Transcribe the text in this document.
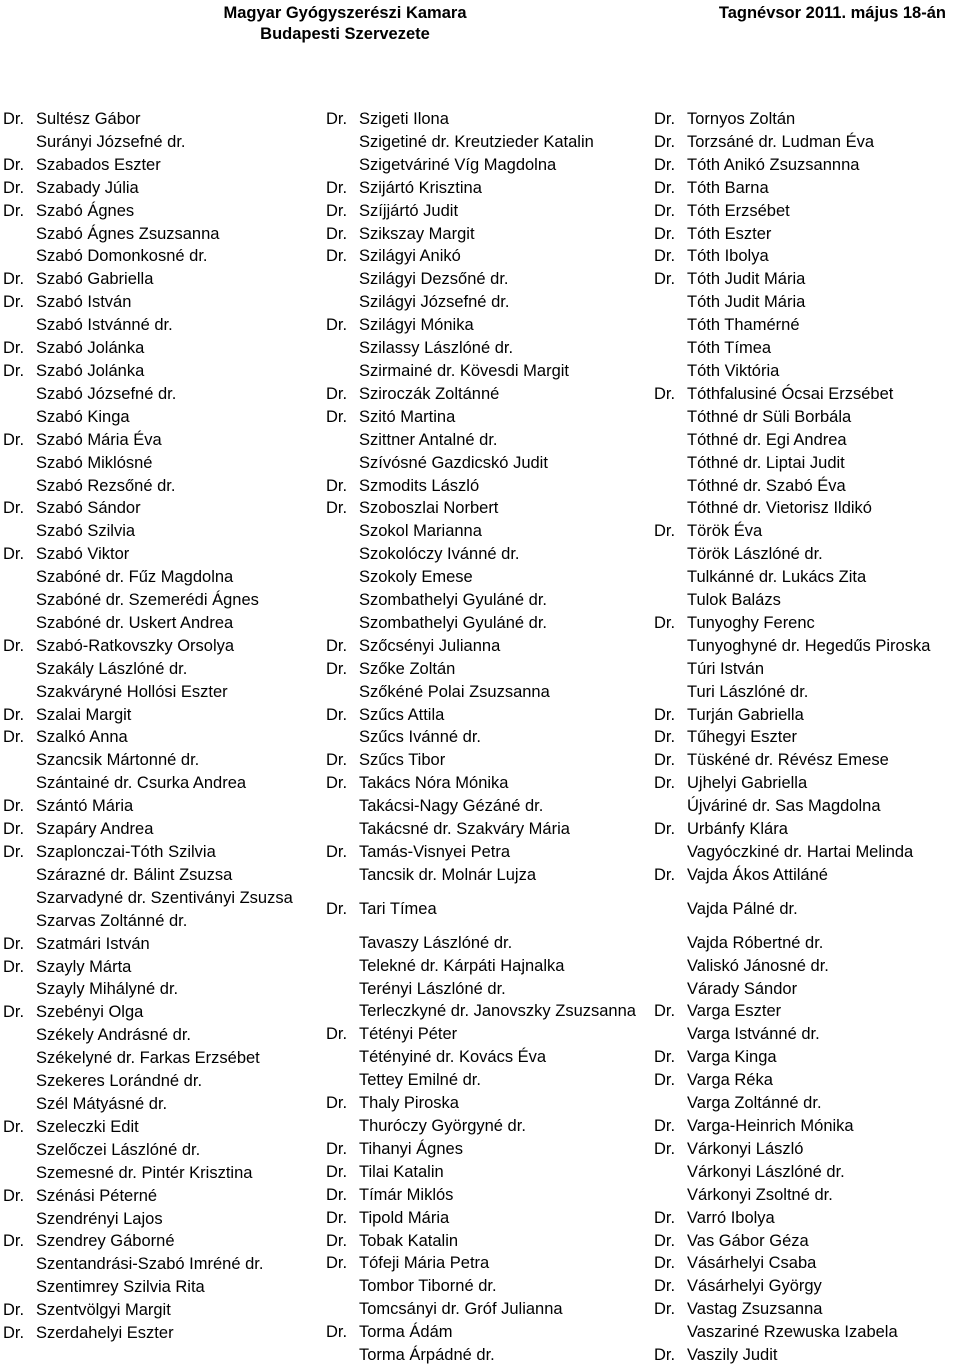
Magyar Gyógyszerészi Kamara
Budapesti Szervezete
Tagnévsor 2011. május 18-án
Dr. Sultész Gábor
Surányi Józsefné dr.
Dr. Szabados Eszter
Dr. Szabady Júlia
Dr. Szabó Ágnes
Szabó Ágnes Zsuzsanna
Szabó Domonkosné dr.
Dr. Szabó Gabriella
Dr. Szabó István
Szabó Istvánné dr.
Dr. Szabó Jolánka
Dr. Szabó Jolánka
Szabó Józsefné dr.
Szabó Kinga
Dr. Szabó Mária Éva
Szabó Miklósné
Szabó Rezsőné dr.
Dr. Szabó Sándor
Szabó Szilvia
Dr. Szabó Viktor
Szabóné dr. Fűz Magdolna
Szabóné dr. Szemerédi Ágnes
Szabóné dr. Uskert Andrea
Dr. Szabó-Ratkovszky Orsolya
Szakály Lászlóné dr.
Szakváryné Hollósi Eszter
Dr. Szalai Margit
Dr. Szalkó Anna
Szancsik Mártonné dr.
Szántainé dr. Csurka Andrea
Dr. Szántó Mária
Dr. Szapáry Andrea
Dr. Szaplonczai-Tóth Szilvia
Szárazné dr. Bálint Zsuzsa
Szarvadyné dr. Szentiványi Zsuzsa
Szarvas Zoltánné dr.
Dr. Szatmári István
Dr. Szayly Márta
Szayly Mihályné dr.
Dr. Szebényi Olga
Székely Andrásné dr.
Székelyné dr. Farkas Erzsébet
Szekeres Lorándné dr.
Szél Mátyásné dr.
Dr. Szeleczki Edit
Szelőczei Lászlóné dr.
Szemesné dr. Pintér Krisztina
Dr. Szénási Péterné
Szendrényi Lajos
Dr. Szendrey Gáborné
Szentandrási-Szabó Imréné dr.
Szentimrey Szilvia Rita
Dr. Szentvölgyi Margit
Dr. Szerdahelyi Eszter
Dr. Szigeti Ilona
Szigetiné dr. Kreutzieder Katalin
Szigetváriné Víg Magdolna
Dr. Szijártó Krisztina
Dr. Szíjjártó Judit
Dr. Szikszay Margit
Dr. Szilágyi Anikó
Szilágyi Dezsőné dr.
Szilágyi Józsefné dr.
Dr. Szilágyi Mónika
Szilassy Lászlóné dr.
Szirmainé dr. Kövesdi Margit
Dr. Sziroczák Zoltánné
Dr. Szitó Martina
Szittner Antalné dr.
Szívósné Gazdicskó Judit
Dr. Szmodits László
Dr. Szoboszlai Norbert
Szokol Marianna
Szokolóczy Ivánné dr.
Szokoly Emese
Szombathelyi Gyuláné dr.
Szombathelyi Gyuláné dr.
Dr. Szőcsényi Julianna
Dr. Szőke Zoltán
Szőkéné Polai Zsuzsanna
Dr. Szűcs Attila
Szűcs Ivánné dr.
Dr. Szűcs Tibor
Dr. Takács Nóra Mónika
Takácsi-Nagy Gézáné dr.
Takácsné dr. Szakváry Mária
Dr. Tamás-Visnyei Petra
Tancsik dr. Molnár Lujza
Dr. Tari Tímea
Tavaszy Lászlóné dr.
Telekné dr. Kárpáti Hajnalka
Terényi Lászlóné dr.
Terleczkyné dr. Janovszky Zsuzsanna
Dr. Tétényi Péter
Tétényiné dr. Kovács Éva
Tettey Emilné dr.
Dr. Thaly Piroska
Thuróczy Györgyné dr.
Dr. Tihanyi Ágnes
Dr. Tilai Katalin
Dr. Tímár Miklós
Dr. Tipold Mária
Dr. Tobak Katalin
Dr. Tófeji Mária Petra
Tombor Tiborné dr.
Tomcsányi dr. Gróf Julianna
Dr. Torma Ádám
Torma Árpádné dr.
Dr. Tornyos Zoltán
Dr. Torzsáné dr. Ludman Éva
Dr. Tóth Anikó Zsuzsannna
Dr. Tóth Barna
Dr. Tóth Erzsébet
Dr. Tóth Eszter
Dr. Tóth Ibolya
Dr. Tóth Judit Mária
Tóth Judit Mária
Tóth Thamérné
Tóth Tímea
Tóth Viktória
Dr. Tóthfalusiné Ócsai Erzsébet
Tóthné dr Süli Borbála
Tóthné dr. Egi Andrea
Tóthné dr. Liptai Judit
Tóthné dr. Szabó Éva
Tóthné dr. Vietorisz Ildikó
Dr. Török Éva
Török Lászlóné dr.
Tulkánné dr. Lukács Zita
Tulok Balázs
Dr. Tunyoghy Ferenc
Tunyoghyné dr. Hegedűs Piroska
Túri István
Turi Lászlóné dr.
Dr. Turján Gabriella
Dr. Tűhegyi Eszter
Dr. Tüskéné dr. Révész Emese
Dr. Ujhelyi Gabriella
Újváriné dr. Sas Magdolna
Dr. Urbánfy Klára
Vagyóczkiné dr. Hartai Melinda
Dr. Vajda Ákos Attiláné
Vajda Pálné dr.
Vajda Róbertné dr.
Valiskó Jánosné dr.
Várady Sándor
Dr. Varga Eszter
Varga Istvánné dr.
Dr. Varga Kinga
Dr. Varga Réka
Varga Zoltánné dr.
Dr. Varga-Heinrich Mónika
Dr. Várkonyi László
Várkonyi Lászlóné dr.
Várkonyi Zsoltné dr.
Dr. Varró Ibolya
Dr. Vas Gábor Géza
Dr. Vásárhelyi Csaba
Dr. Vásárhelyi György
Dr. Vastag Zsuzsanna
Vaszariné Rzewuska Izabela
Dr. Vaszily Judit
